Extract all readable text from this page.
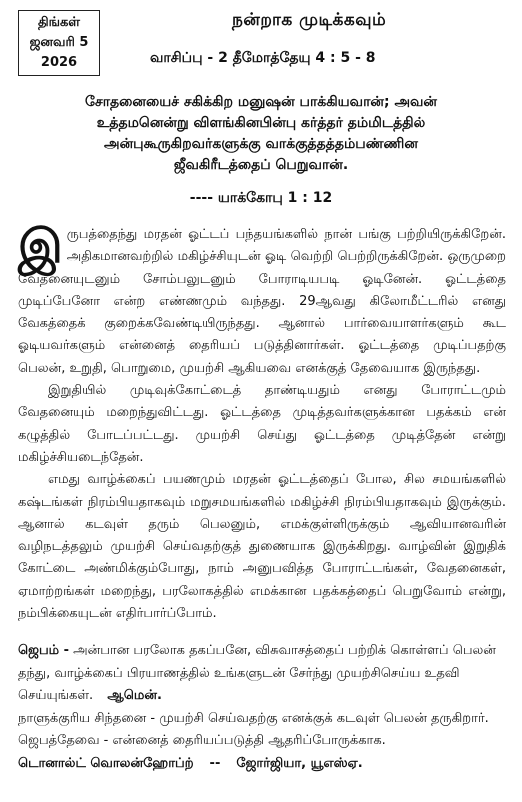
திங்கள்
ஜனவரி 5
2026
நன்றாக முடிக்கவும்
வாசிப்பு - 2 தீமோத்தேயு 4 : 5 - 8
சோதனையைச் சகிக்கிற மனுஷன் பாக்கியவான்; அவன்
உத்தமனென்று விளங்கினபின்பு கர்த்தர் தம்மிடத்தில்
அன்புகூருகிறவர்களுக்கு வாக்குத்தத்தம்பண்ணின
ஜீவகிரீடத்தைப் பெறுவான்.
---- யாக்கோபு 1 : 12

இருபத்தைந்து மரதன் ஓட்டப் பந்தயங்களில் நான் பங்கு பற்றியிருக்கிறேன். அதிகமானவற்றில் மகிழ்ச்சியுடன் ஓடி வெற்றி பெற்றிருக்கிறேன். ஒருமுறை வேதனையுடனும் சோம்பலுடனும் போராடியபடி ஓடினேன். ஓட்டத்தை முடிப்பேனோ என்ற எண்ணமும் வந்தது. 29ஆவது கிலோமீட்டரில் எனது வேகத்தைக் குறைக்கவேண்டியிருந்தது. ஆனால் பார்வையாளர்களும் கூட ஓடியவர்களும் என்னைத் தைரியப் படுத்தினார்கள். ஓட்டத்தை முடிப்பதற்கு பெலன், உறுதி, பொறுமை, முயற்சி ஆகியவை எனக்குத் தேவையாக இருந்தது.

இறுதியில் முடிவுக்கோட்டைத் தாண்டியதும் எனது போராட்டமும் வேதனையும் மறைந்துவிட்டது. ஓட்டத்தை முடித்தவர்களுக்கான பதக்கம் என் கழுத்தில் போடப்பட்டது. முயற்சி செய்து ஓட்டத்தை முடித்தேன் என்று மகிழ்ச்சியடைந்தேன்.

எமது வாழ்க்கைப் பயணமும் மரதன் ஓட்டத்தைப் போல, சில சமயங்களில் கஷ்டங்கள் நிரம்பியதாகவும் மறுசமயங்களில் மகிழ்ச்சி நிரம்பியதாகவும் இருக்கும். ஆனால் கடவுள் தரும் பெலனும், எமக்குள்ளிருக்கும் ஆவியானவரின் வழிநடத்தலும் முயற்சி செய்வதற்குத் துணையாக இருக்கிறது. வாழ்வின் இறுதிக் கோட்டை அண்மிக்கும்போது, நாம் அனுபவித்த போராட்டங்கள், வேதனைகள், ஏமாற்றங்கள் மறைந்து, பரலோகத்தில் எமக்கான பதக்கத்தைப் பெறுவோம் என்று, நம்பிக்கையுடன் எதிர்பார்ப்போம்.

ஜெபம் - அன்பான பரலோக தகப்பனே, விசுவாசத்தைப் பற்றிக் கொள்ளப் பெலன் தந்து, வாழ்க்கைப் பிரயாணத்தில் உங்களுடன் சேர்ந்து முயற்சிசெய்ய உதவி செய்யுங்கள். ஆமென்.

நாளுக்குரிய சிந்தனை - முயற்சி செய்வதற்கு எனக்குக் கடவுள் பெலன் தருகிறார்.

ஜெபத்தேவை - என்னைத் தைரியப்படுத்தி ஆதரிப்போருக்காக.

டொனால்ட் வொலன்ஹோப்ற் -- ஜோர்ஜியா, யூஎஸ்ஏ.
